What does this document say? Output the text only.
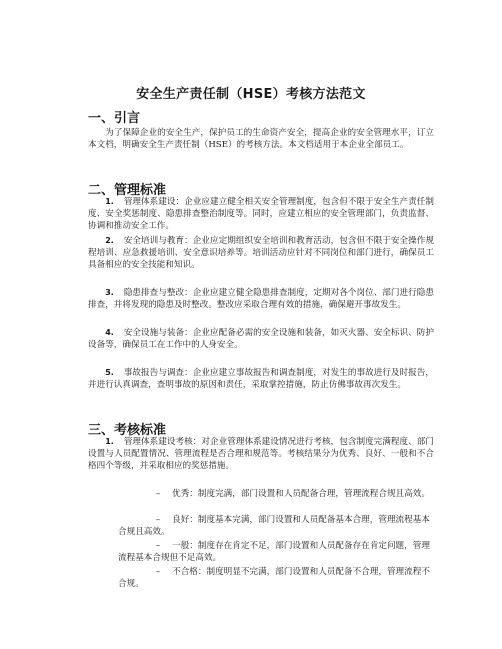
安全生产责任制（HSE）考核方法范文
一、引言

为了保障企业的安全生产，保护员工的生命资产安全，提高企业的安全管理水平，订立本文档，明确安全生产责任制（HSE）的考核方法。本文档适用于本企业全部员工。

二、管理标准

1. 管理体系建设：企业应建立健全相关安全管理制度，包含但不限于安全生产责任制度、安全奖惩制度、隐患排查整治制度等。同时，应建立相应的安全管理部门，负责监督、协调和推动安全工作。

2. 安全培训与教育：企业应定期组织安全培训和教育活动，包含但不限于安全操作规程培训、应急救援培训、安全意识培养等。培训活动应针对不同岗位和部门进行，确保员工具备相应的安全技能和知识。

3. 隐患排查与整改：企业应建立健全隐患排查制度，定期对各个岗位、部门进行隐患排查，并将发现的隐患及时整改。整改应采取合理有效的措施，确保避开事故发生。

4. 安全设施与装备：企业应配备必需的安全设施和装备，如灭火器、安全标识、防护设备等，确保员工在工作中的人身安全。

5. 事故报告与调查：企业应建立事故报告和调查制度，对发生的事故进行及时报告，并进行认真调查，查明事故的原因和责任，采取掌控措施，防止仿佛事故再次发生。

三、考核标准

1. 管理体系建设考核：对企业管理体系建设情况进行考核，包含制度完满程度、部门设置与人员配置情况、管理流程是否合理和规范等。考核结果分为优秀、良好、一般和不合格四个等级，并采取相应的奖惩措施。

– 优秀：制度完满，部门设置和人员配备合理，管理流程合规且高效。

– 良好：制度基本完满，部门设置和人员配备基本合理，管理流程基本合规且高效。

– 一般：制度存在肯定不足，部门设置和人员配备存在肯定问题，管理流程基本合规但不足高效。

– 不合格：制度明显不完满，部门设置和人员配备不合理，管理流程不合规。
